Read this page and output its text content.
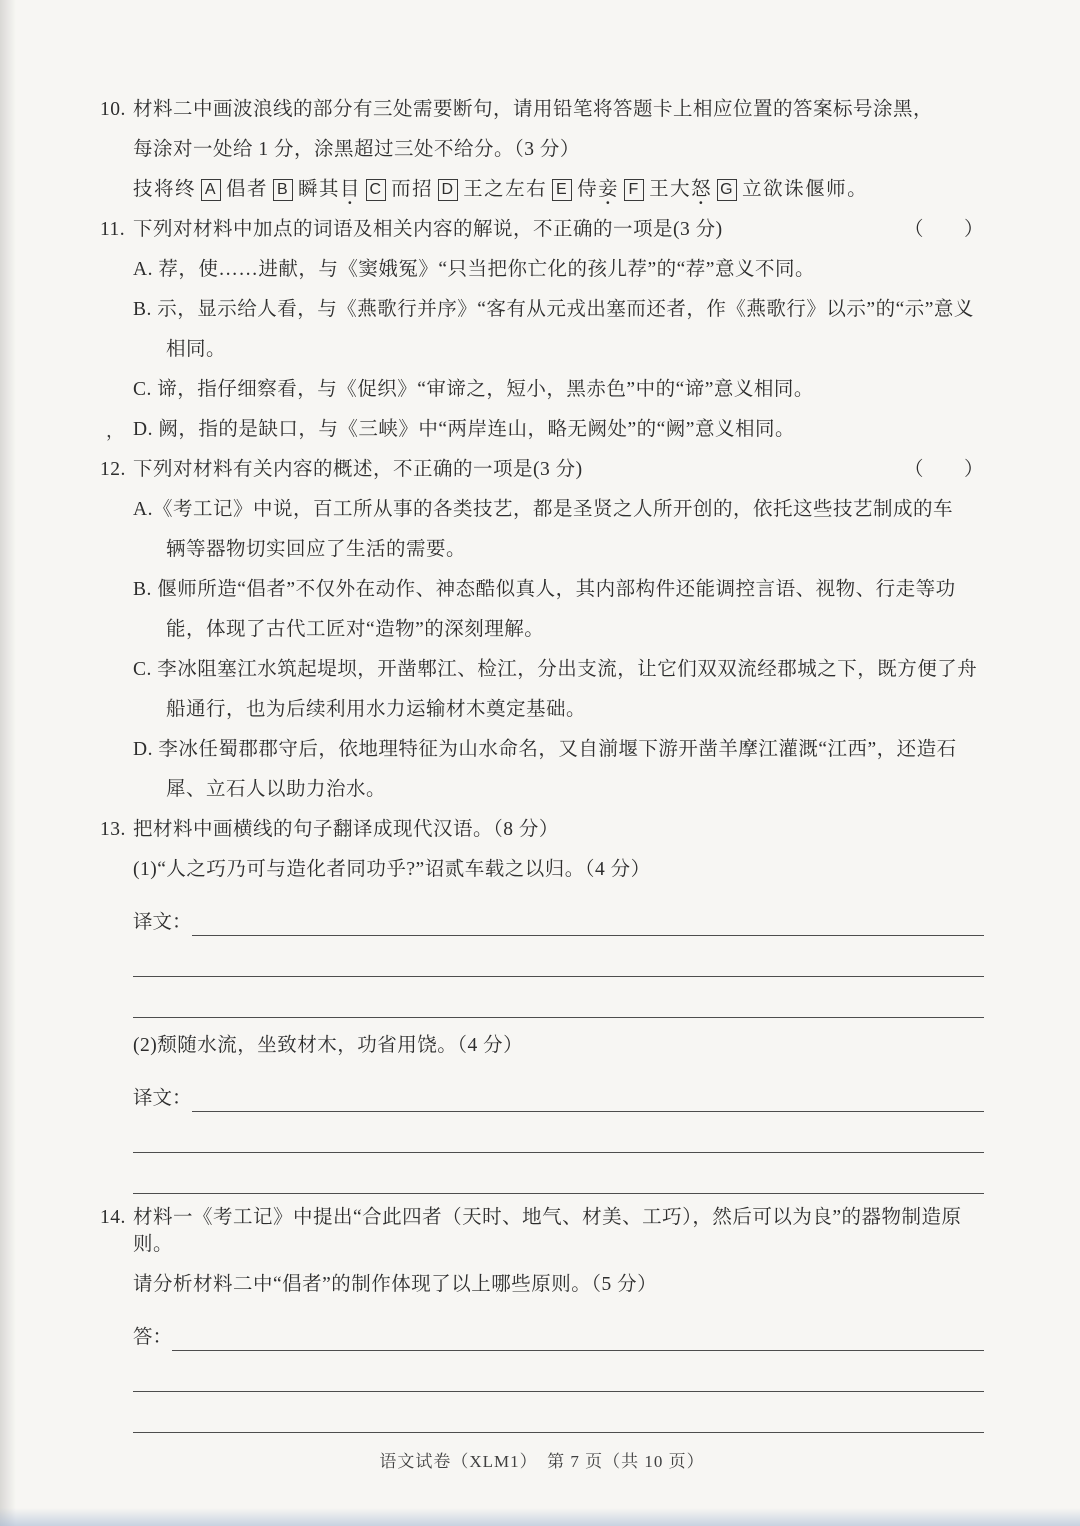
10. 材料二中画波浪线的部分有三处需要断句，请用铅笔将答题卡上相应位置的答案标号涂黑，
每涂对一处给 1 分，涂黑超过三处不给分。（3 分）
技将终 A 倡者 B 瞬其目 C 而招 D 王之左右 E 侍妾 F 王大怒 G 立欲诛偃师。
11. 下列对材料中加点的词语及相关内容的解说，不正确的一项是(3 分)	（　　）
A. 荐，使……进献，与《窦娥冤》“只当把你亡化的孩儿荐”的“荐”意义不同。
B. 示，显示给人看，与《燕歌行并序》“客有从元戎出塞而还者，作《燕歌行》以示”的“示”意义
相同。
C. 谛，指仔细察看，与《促织》“审谛之，短小，黑赤色”中的“谛”意义相同。
， D. 阙，指的是缺口，与《三峡》中“两岸连山，略无阙处”的“阙”意义相同。
12. 下列对材料有关内容的概述，不正确的一项是(3 分)	（　　）
A.《考工记》中说，百工所从事的各类技艺，都是圣贤之人所开创的，依托这些技艺制成的车
辆等器物切实回应了生活的需要。
B. 偃师所造“倡者”不仅外在动作、神态酷似真人，其内部构件还能调控言语、视物、行走等功
能，体现了古代工匠对“造物”的深刻理解。
C. 李冰阻塞江水筑起堤坝，开凿郫江、检江，分出支流，让它们双双流经郡城之下，既方便了舟
船通行，也为后续利用水力运输材木奠定基础。
D. 李冰任蜀郡郡守后，依地理特征为山水命名，又自湔堰下游开凿羊摩江灌溉“江西”，还造石
犀、立石人以助力治水。
13. 把材料中画横线的句子翻译成现代汉语。（8 分）
(1)“人之巧乃可与造化者同功乎?”诏贰车载之以归。（4 分）
译文：
(2)颓随水流，坐致材木，功省用饶。（4 分）
译文：
14. 材料一《考工记》中提出“合此四者（天时、地气、材美、工巧），然后可以为良”的器物制造原则。
请分析材料二中“倡者”的制作体现了以上哪些原则。（5 分）
答：
语文试卷（XLM1）　第 7 页（共 10 页）
